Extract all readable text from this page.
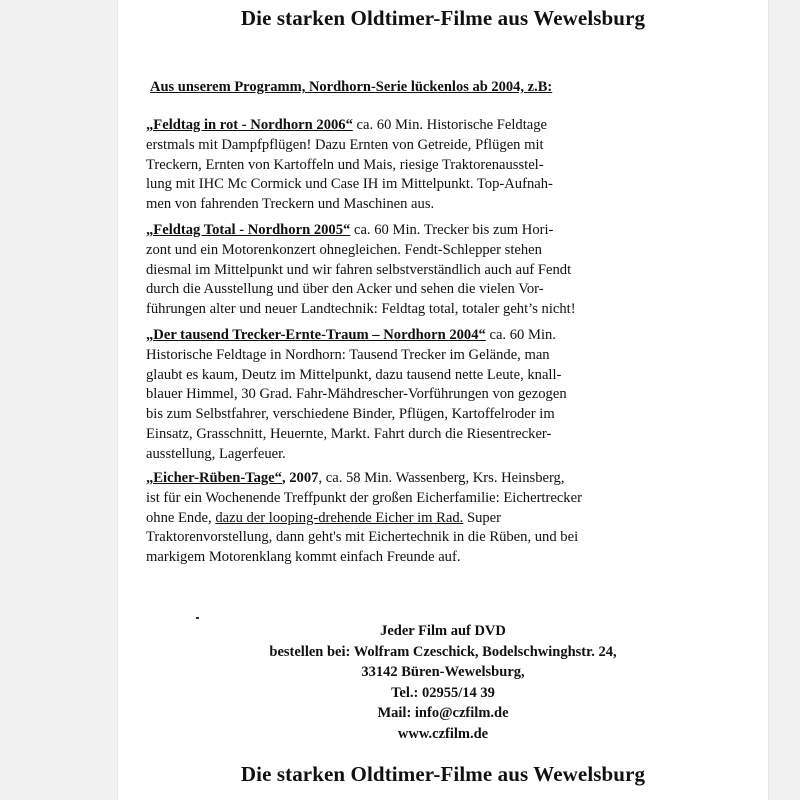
Die starken Oldtimer-Filme aus Wewelsburg

Aus unserem Programm, Nordhorn-Serie lückenlos ab 2004, z.B:

„Feldtag in rot - Nordhorn 2006“ ca. 60 Min. Historische Feldtage
erstmals mit Dampfpflügen! Dazu Ernten von Getreide, Pflügen mit
Treckern, Ernten von Kartoffeln und Mais, riesige Traktorenausstel-
lung mit IHC Mc Cormick und Case IH im Mittelpunkt. Top-Aufnah-
men von fahrenden Treckern und Maschinen aus.

„Feldtag Total - Nordhorn 2005“ ca. 60 Min. Trecker bis zum Hori-
zont und ein Motorenkonzert ohnegleichen. Fendt-Schlepper stehen
diesmal im Mittelpunkt und wir fahren selbstverständlich auch auf Fendt
durch die Ausstellung und über den Acker und sehen die vielen Vor-
führungen alter und neuer Landtechnik: Feldtag total, totaler geht’s nicht!

„Der tausend Trecker-Ernte-Traum – Nordhorn 2004“ ca. 60 Min.
Historische Feldtage in Nordhorn: Tausend Trecker im Gelände, man
glaubt es kaum, Deutz im Mittelpunkt, dazu tausend nette Leute, knall-
blauer Himmel, 30 Grad. Fahr-Mähdrescher-Vorführungen von gezogen
bis zum Selbstfahrer, verschiedene Binder, Pflügen, Kartoffelroder im
Einsatz, Grasschnitt, Heuernte, Markt. Fahrt durch die Riesentrecker-
ausstellung, Lagerfeuer.

„Eicher-Rüben-Tage“, 2007, ca. 58 Min. Wassenberg, Krs. Heinsberg,
ist für ein Wochenende Treffpunkt der großen Eicherfamilie: Eichertrecker
ohne Ende, dazu der looping-drehende Eicher im Rad. Super
Traktorenvorstellung, dann geht's mit Eichertechnik in die Rüben, und bei
markigem Motorenklang kommt einfach Freunde auf.

Jeder Film auf DVD
bestellen bei: Wolfram Czeschick, Bodelschwinghstr. 24,
33142 Büren-Wewelsburg,
Tel.: 02955/14 39
Mail: info@czfilm.de
www.czfilm.de

Die starken Oldtimer-Filme aus Wewelsburg
